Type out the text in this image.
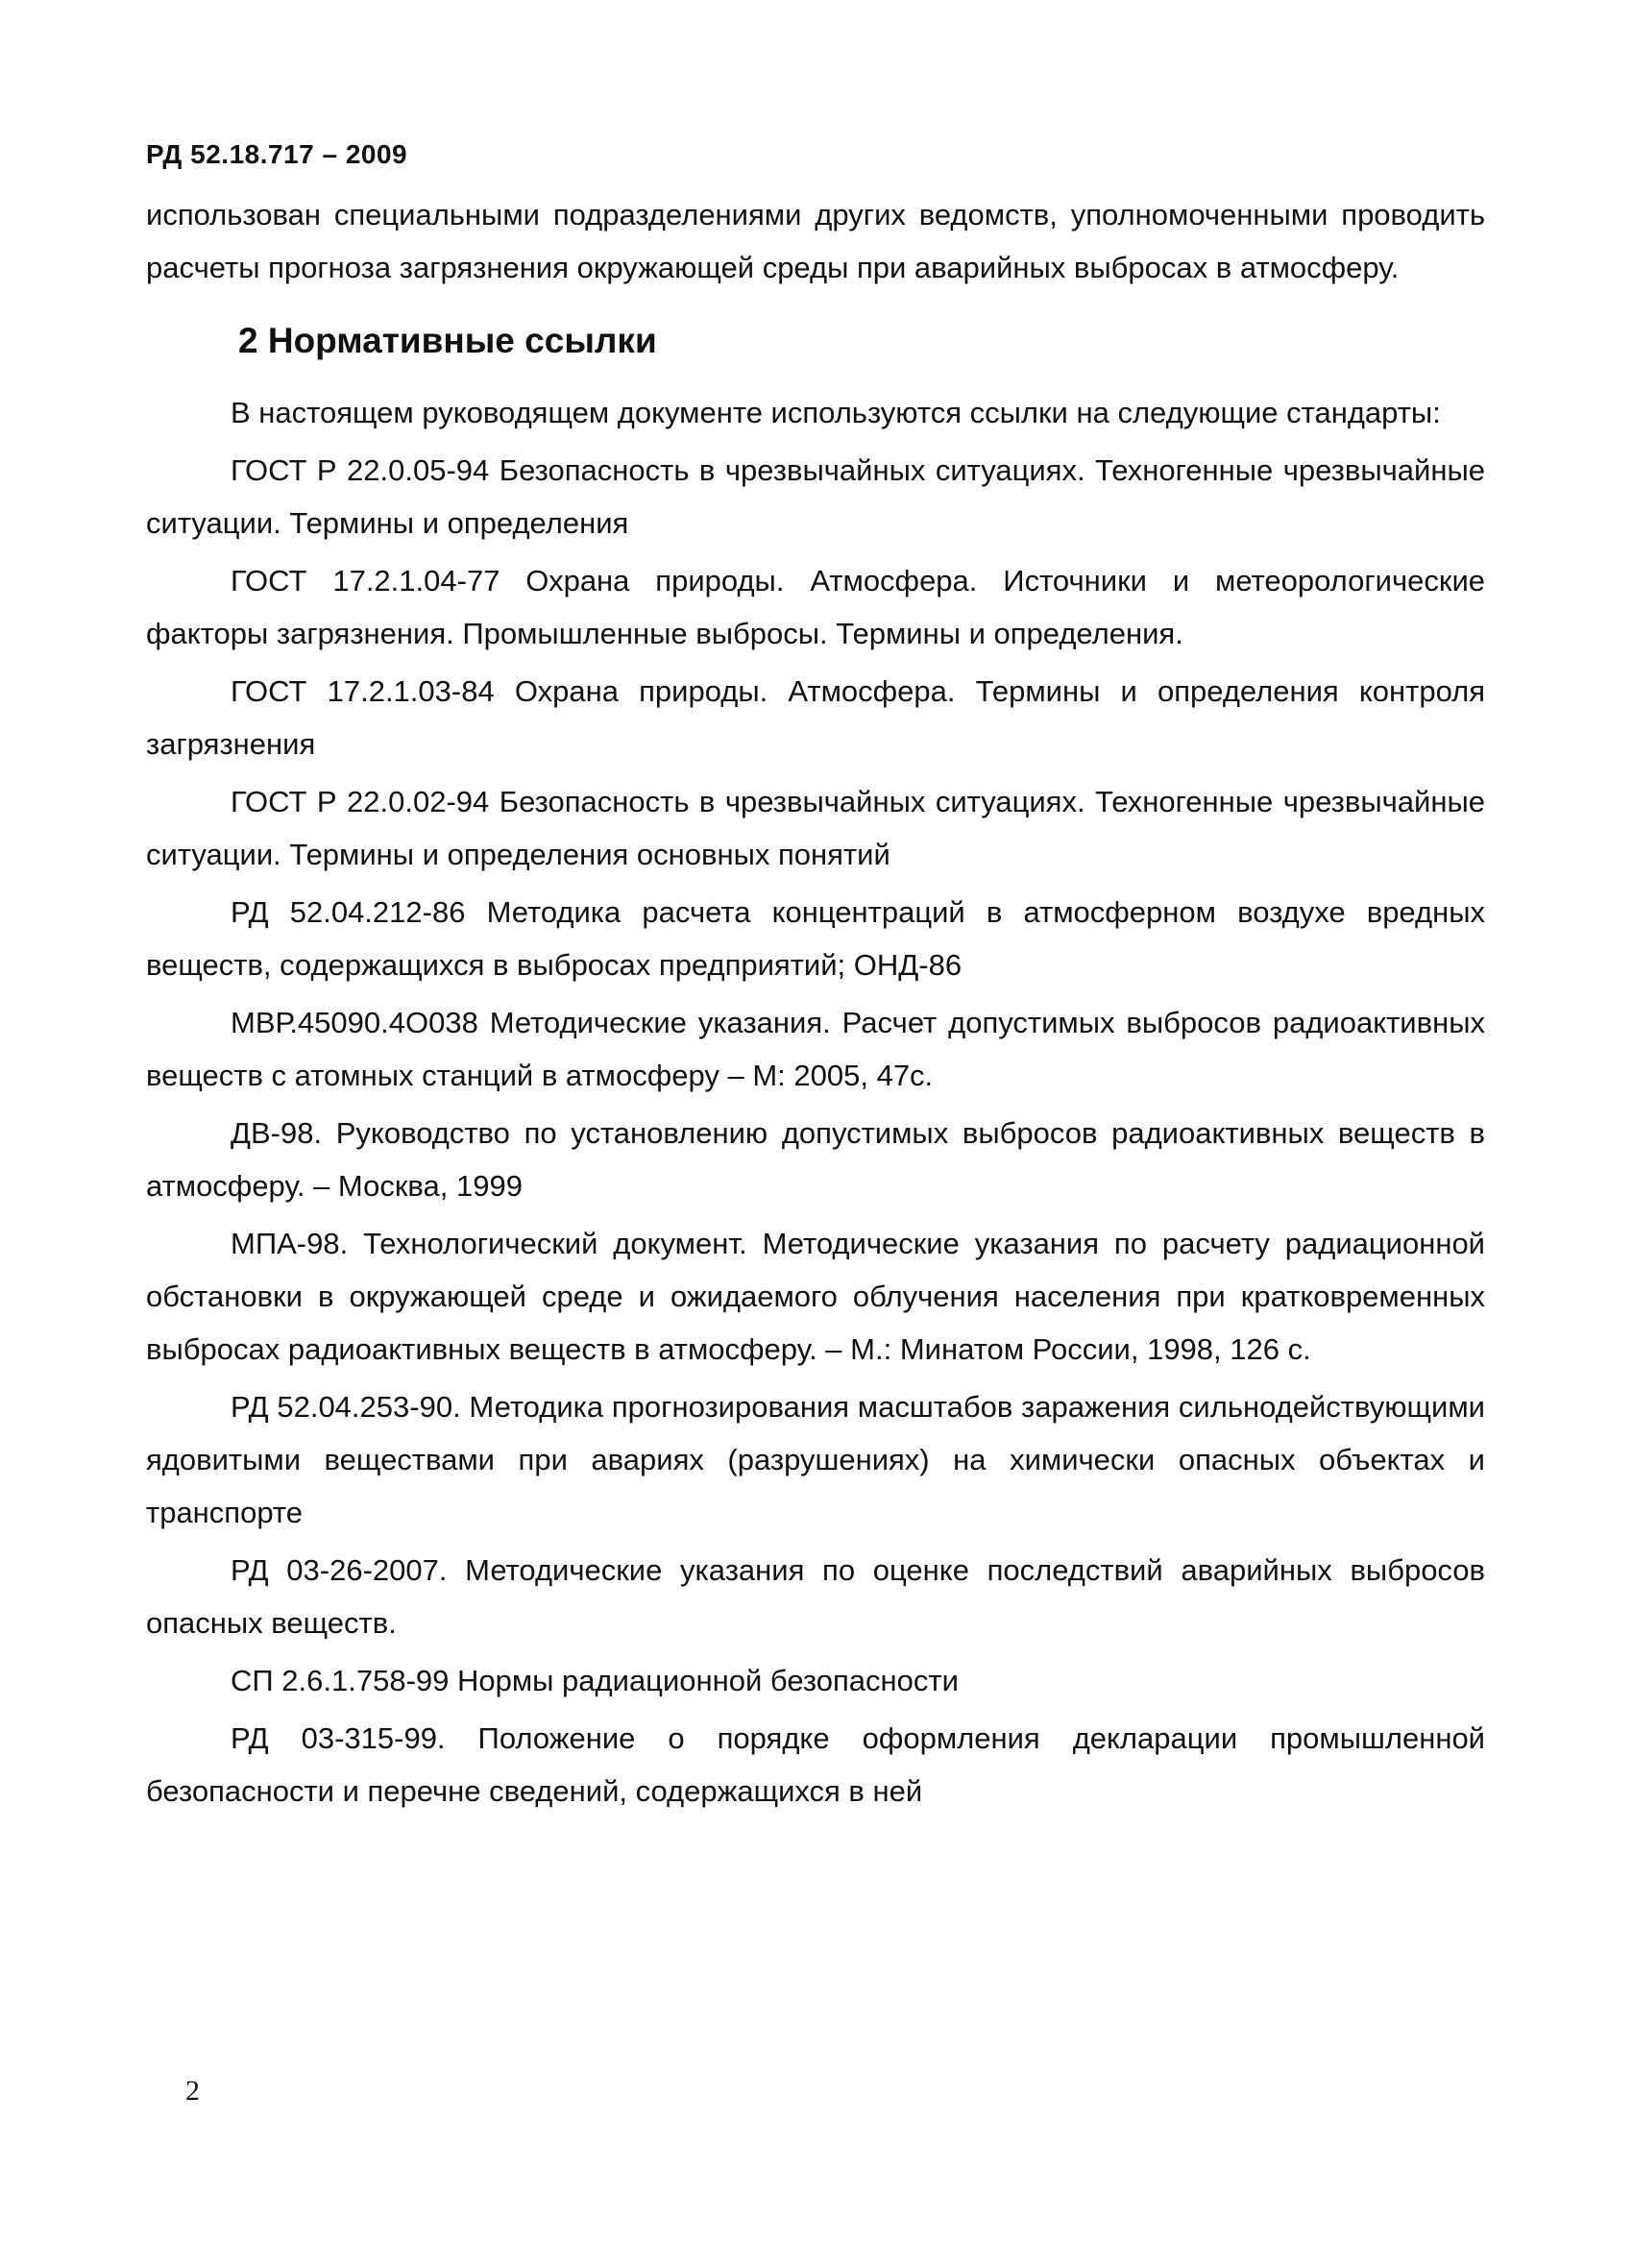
РД 52.18.717 – 2009

использован специальными подразделениями других ведомств, уполномоченными проводить расчеты прогноза загрязнения окружающей среды при аварийных выбросах в атмосферу.

2 Нормативные ссылки

В настоящем руководящем документе используются ссылки на следующие стандарты:

ГОСТ Р 22.0.05-94 Безопасность в чрезвычайных ситуациях. Техногенные чрезвычайные ситуации. Термины и определения

ГОСТ 17.2.1.04-77 Охрана природы. Атмосфера. Источники и метеорологические факторы загрязнения. Промышленные выбросы. Термины и определения.

ГОСТ 17.2.1.03-84 Охрана природы. Атмосфера. Термины и определения контроля загрязнения

ГОСТ Р 22.0.02-94 Безопасность в чрезвычайных ситуациях. Техногенные чрезвычайные ситуации. Термины и определения основных понятий

РД 52.04.212-86 Методика расчета концентраций в атмосферном воздухе вредных веществ, содержащихся в выбросах предприятий; ОНД-86

МВР.45090.4О038 Методические указания. Расчет допустимых выбросов радиоактивных веществ с атомных станций в атмосферу – М: 2005, 47с.

ДВ-98. Руководство по установлению допустимых выбросов радиоактивных веществ в атмосферу. – Москва, 1999

МПА-98. Технологический документ. Методические указания по расчету радиационной обстановки в окружающей среде и ожидаемого облучения населения при кратковременных выбросах радиоактивных веществ в атмосферу. – М.: Минатом России, 1998, 126 с.

РД 52.04.253-90. Методика прогнозирования масштабов заражения сильнодействующими ядовитыми веществами при авариях (разрушениях) на химически опасных объектах и транспорте

РД 03-26-2007. Методические указания по оценке последствий аварийных выбросов опасных веществ.

СП 2.6.1.758-99 Нормы радиационной безопасности

РД 03-315-99. Положение о порядке оформления декларации промышленной безопасности и перечне сведений, содержащихся в ней

2
